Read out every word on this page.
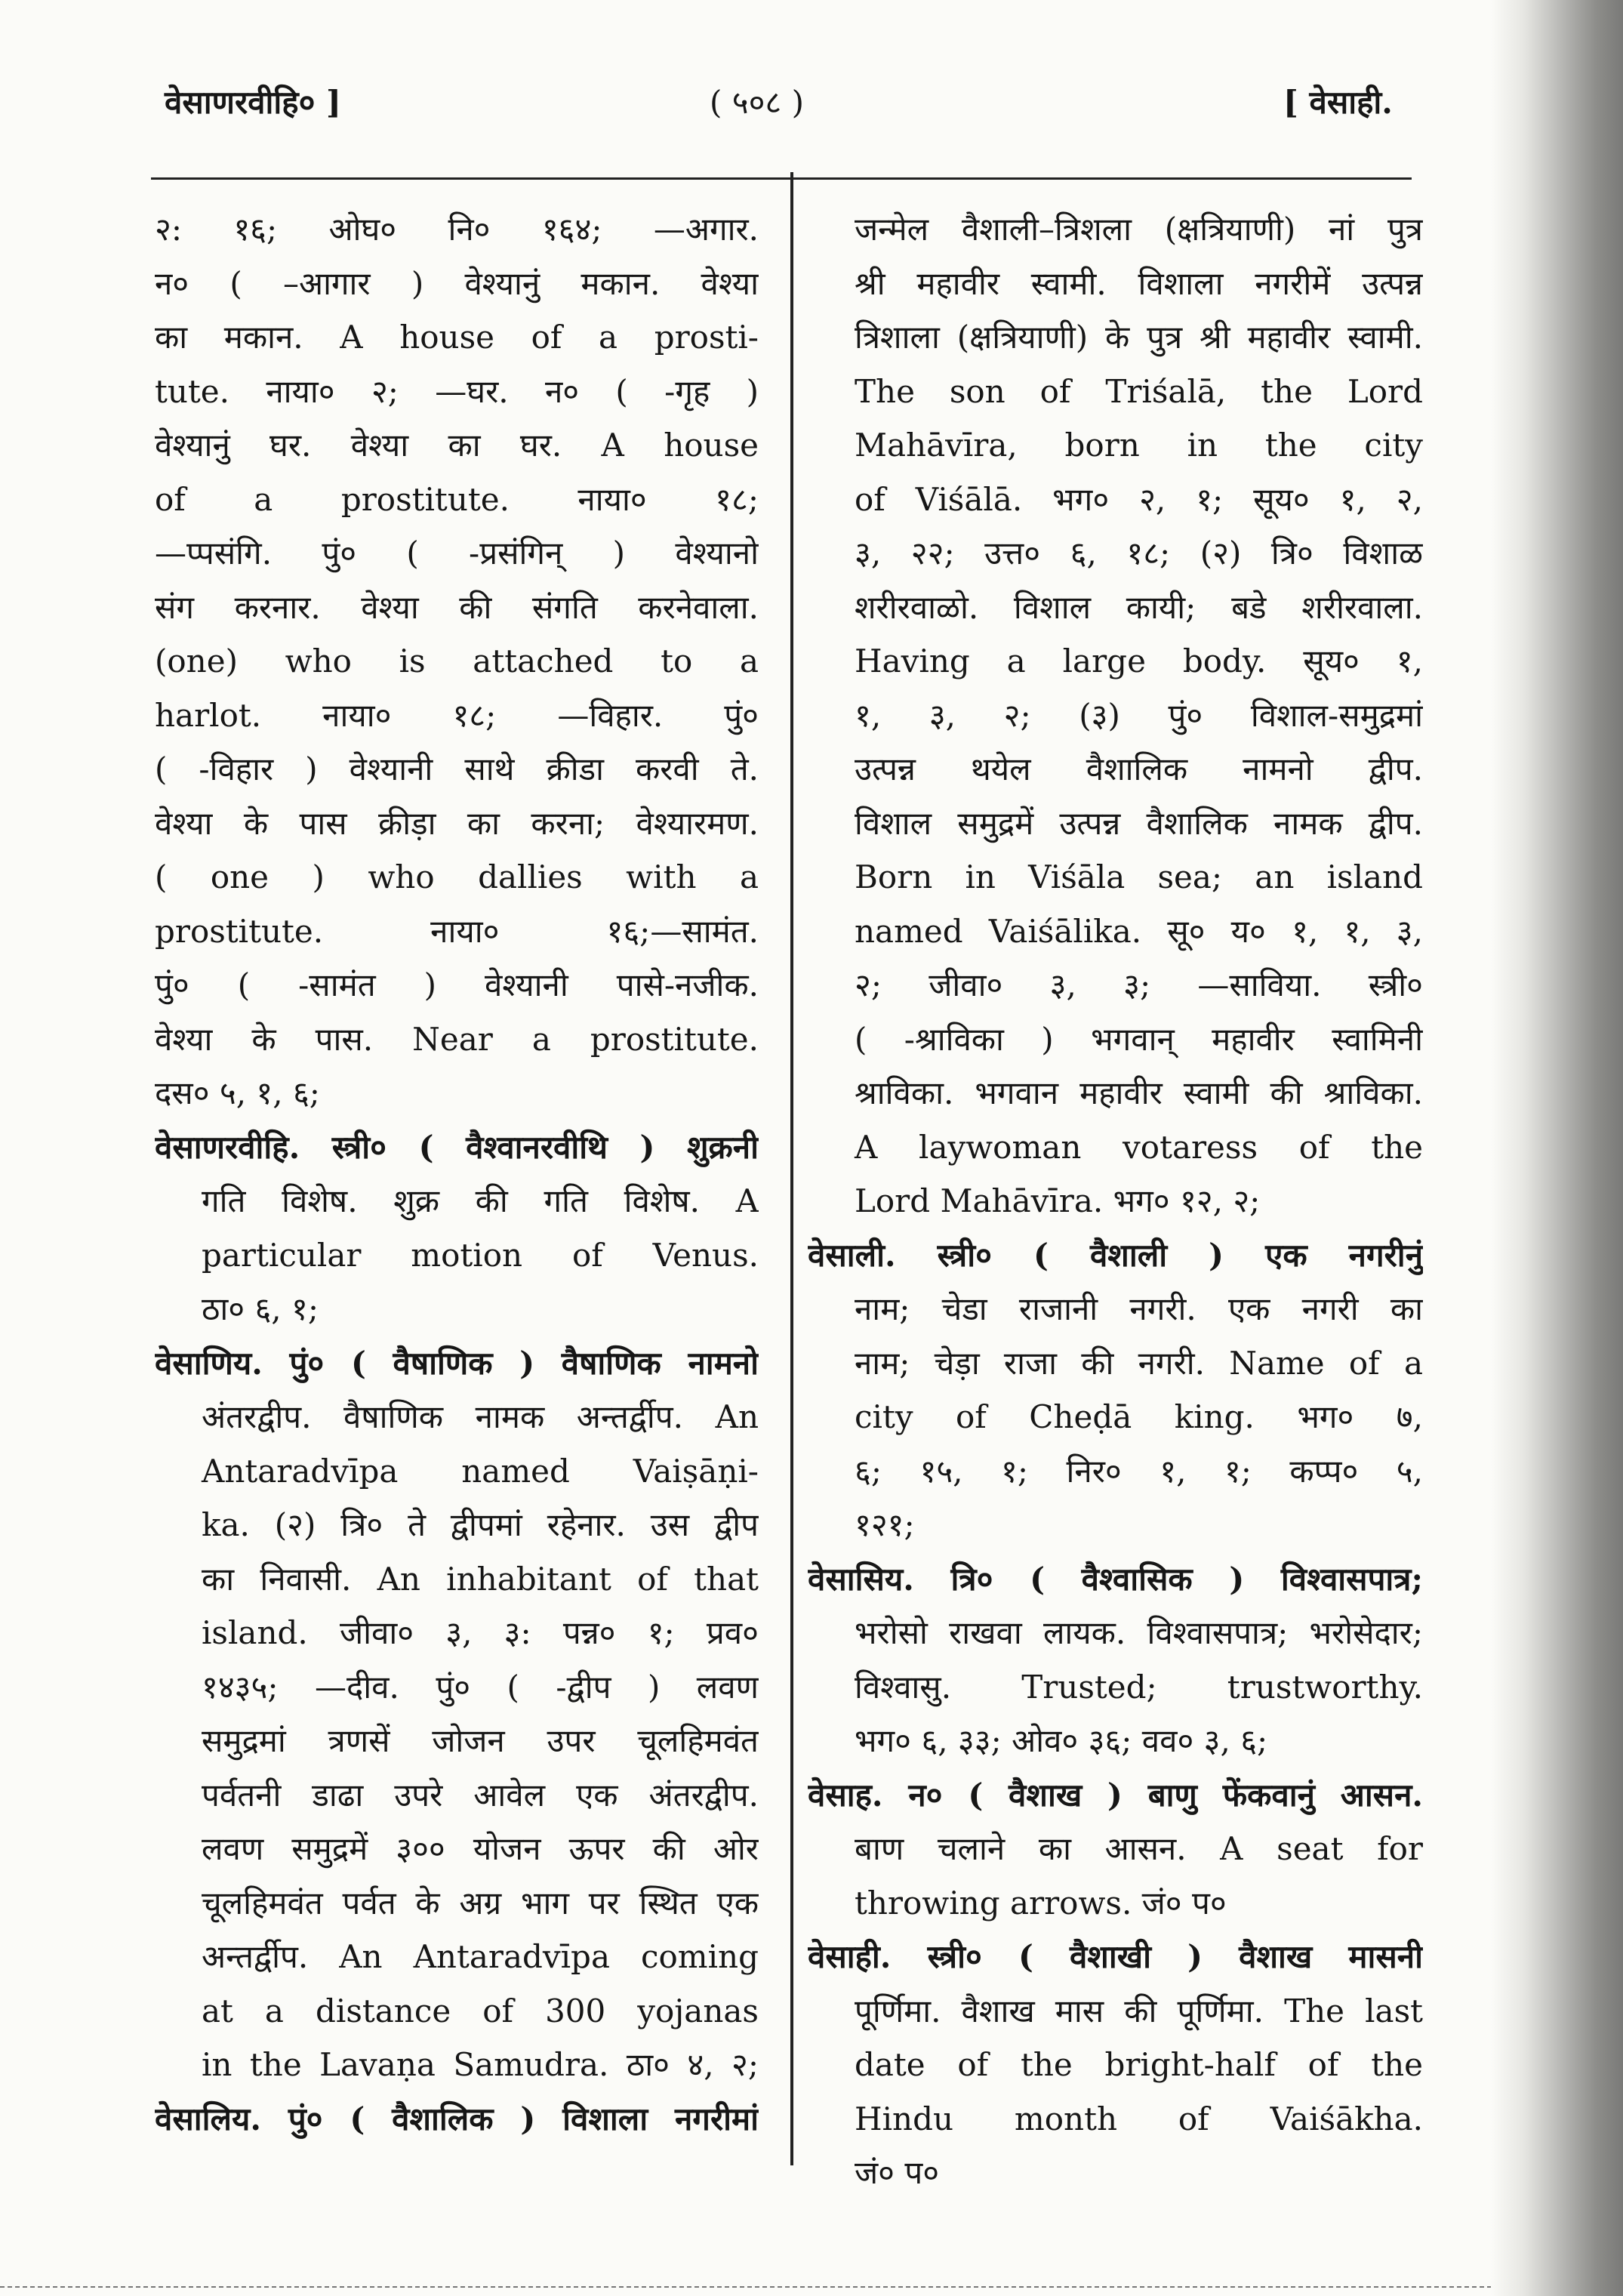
वेसाणरवीहि० ]	( ५०८ )	[ वेसाही.
२: १६; ओघ० नि० १६४; —अगार.
न० ( –आगार ) वेश्यानुं मकान. वेश्या
का मकान. A house of a prosti-
tute. नाया० २; —घर. न० ( -गृह )
वेश्यानुं घर. वेश्या का घर. A house
of a prostitute. नाया० १८;
—प्पसंगि. पुं० ( -प्रसंगिन् ) वेश्यानो
संग करनार. वेश्या की संगति करनेवाला.
(one) who is attached to a
harlot. नाया० १८; —विहार. पुं०
( -विहार ) वेश्यानी साथे क्रीडा करवी ते.
वेश्या के पास क्रीड़ा का करना; वेश्यारमण.
( one ) who dallies with a
prostitute. नाया० १६;—सामंत.
पुं० ( -सामंत ) वेश्यानी पासे-नजीक.
वेश्या के पास. Near a prostitute.
दस० ५, १, ६;
वेसाणरवीहि. स्त्री० ( वैश्वानरवीथि ) शुक्रनी
गति विशेष. शुक्र की गति विशेष. A
particular motion of Venus.
ठा० ६, १;
वेसाणिय. पुं० ( वैषाणिक ) वैषाणिक नामनो
अंतरद्वीप. वैषाणिक नामक अन्तर्द्वीप. An
Antaradvīpa named Vaiṣāṇi-
ka. (२) त्रि० ते द्वीपमां रहेनार. उस द्वीप
का निवासी. An inhabitant of that
island. जीवा० ३, ३: पन्न० १; प्रव०
१४३५; —दीव. पुं० ( -द्वीप ) लवण
समुद्रमां त्रणसें जोजन उपर चूलहिमवंत
पर्वतनी डाढा उपरे आवेल एक अंतरद्वीप.
लवण समुद्रमें ३०० योजन ऊपर की ओर
चूलहिमवंत पर्वत के अग्र भाग पर स्थित एक
अन्तर्द्वीप. An Antaradvīpa coming
at a distance of 300 yojanas
in the Lavaṇa Samudra. ठा० ४, २;
वेसालिय. पुं० ( वैशालिक ) विशाला नगरीमां
जन्मेल वैशाली–त्रिशला (क्षत्रियाणी) नां पुत्र
श्री महावीर स्वामी. विशाला नगरीमें उत्पन्न
त्रिशाला (क्षत्रियाणी) के पुत्र श्री महावीर स्वामी.
The son of Triśalā, the Lord
Mahāvīra, born in the city
of Viśālā. भग० २, १; सूय० १, २,
३, २२; उत्त० ६, १८; (२) त्रि० विशाळ
शरीरवाळो. विशाल कायी; बडे शरीरवाला.
Having a large body. सूय० १,
१, ३, २; (३) पुं० विशाल-समुद्रमां
उत्पन्न थयेल वैशालिक नामनो द्वीप.
विशाल समुद्रमें उत्पन्न वैशालिक नामक द्वीप.
Born in Viśāla sea; an island
named Vaiśālika. सू० य० १, १, ३,
२; जीवा० ३, ३; —साविया. स्त्री०
( -श्राविका ) भगवान् महावीर स्वामिनी
श्राविका. भगवान महावीर स्वामी की श्राविका.
A laywoman votaress of the
Lord Mahāvīra. भग० १२, २;
वेसाली. स्त्री० ( वैशाली ) एक नगरीनुं
नाम; चेडा राजानी नगरी. एक नगरी का
नाम; चेड़ा राजा की नगरी. Name of a
city of Cheḍā king. भग० ७,
६; १५, १; निर० १, १; कप्प० ५,
१२१;
वेसासिय. त्रि० ( वैश्वासिक ) विश्वासपात्र;
भरोसो राखवा लायक. विश्वासपात्र; भरोसेदार;
विश्वासु. Trusted; trustworthy.
भग० ६, ३३; ओव० ३६; वव० ३, ६;
वेसाह. न० ( वैशाख ) बाणु फेंकवानुं आसन.
बाण चलाने का आसन. A seat for
throwing arrows. जं० प०
वेसाही. स्त्री० ( वैशाखी ) वैशाख मासनी
पूर्णिमा. वैशाख मास की पूर्णिमा. The last
date of the bright-half of the
Hindu month of Vaiśākha.
जं० प०
